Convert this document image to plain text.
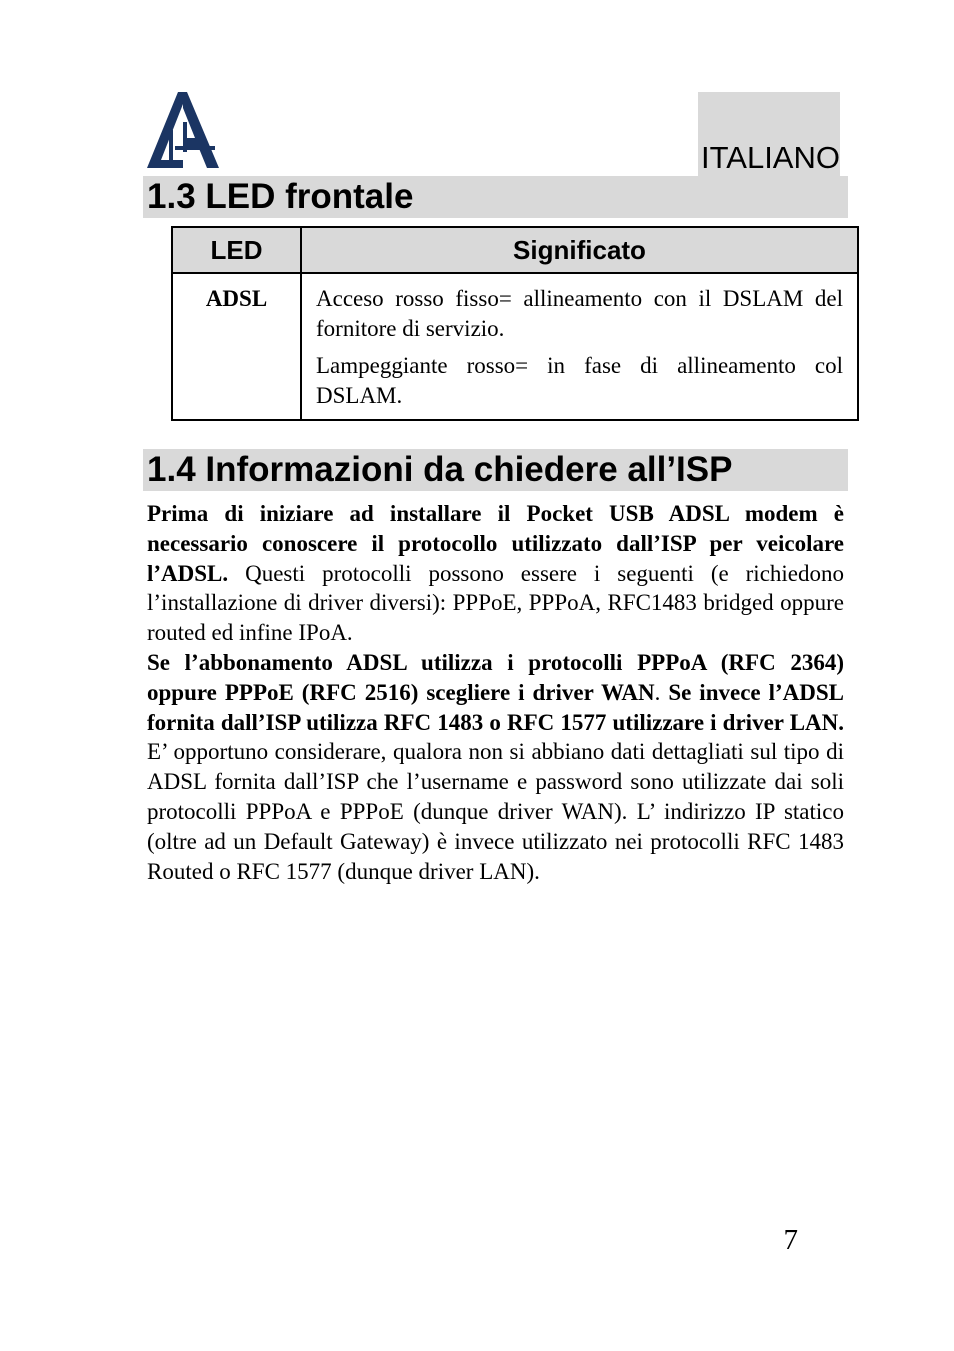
ITALIANO
1.3 LED frontale
LED	Significato
ADSL	Acceso rosso fisso= allineamento con il DSLAM del fornitore di servizio.

Lampeggiante rosso= in fase di allineamento col DSLAM.

1.4 Informazioni da chiedere all’ISP

Prima di iniziare ad installare il Pocket USB ADSL modem è necessario conoscere il protocollo utilizzato dall’ISP per veicolare l’ADSL. Questi protocolli possono essere i seguenti (e richiedono l’installazione di driver diversi): PPPoE, PPPoA, RFC1483 bridged oppure routed ed infine IPoA.

Se l’abbonamento ADSL utilizza i protocolli PPPoA (RFC 2364) oppure PPPoE (RFC 2516) scegliere i driver WAN. Se invece l’ADSL fornita dall’ISP utilizza RFC 1483 o RFC 1577 utilizzare i driver LAN. E’ opportuno considerare, qualora non si abbiano dati dettagliati sul tipo di ADSL fornita dall’ISP che l’username e password sono utilizzate dai soli protocolli PPPoA e PPPoE (dunque driver WAN). L’ indirizzo IP statico (oltre ad un Default Gateway) è invece utilizzato nei protocolli RFC 1483 Routed o RFC 1577 (dunque driver LAN).

7
